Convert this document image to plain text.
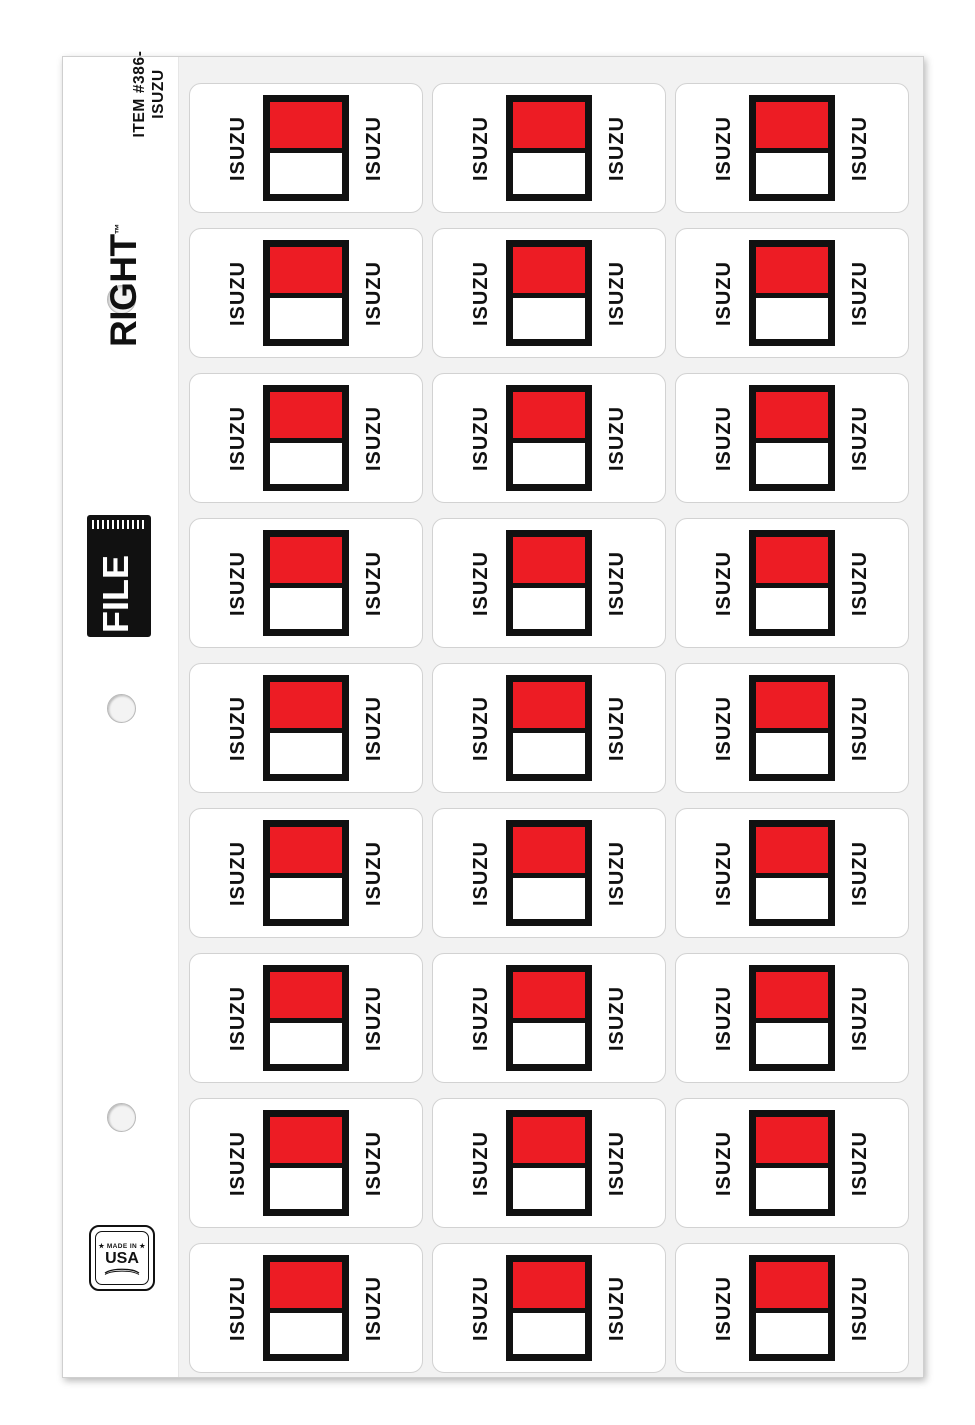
ITEM #386- ISUZU
RIGHT™
FILE
★ MADE IN ★
USA
ISUZU	ISUZU	ISUZU	ISUZU	ISUZU	ISUZU
ISUZU	ISUZU	ISUZU	ISUZU	ISUZU	ISUZU
ISUZU	ISUZU	ISUZU	ISUZU	ISUZU	ISUZU
ISUZU	ISUZU	ISUZU	ISUZU	ISUZU	ISUZU
ISUZU	ISUZU	ISUZU	ISUZU	ISUZU	ISUZU
ISUZU	ISUZU	ISUZU	ISUZU	ISUZU	ISUZU
ISUZU	ISUZU	ISUZU	ISUZU	ISUZU	ISUZU
ISUZU	ISUZU	ISUZU	ISUZU	ISUZU	ISUZU
ISUZU	ISUZU	ISUZU	ISUZU	ISUZU	ISUZU
